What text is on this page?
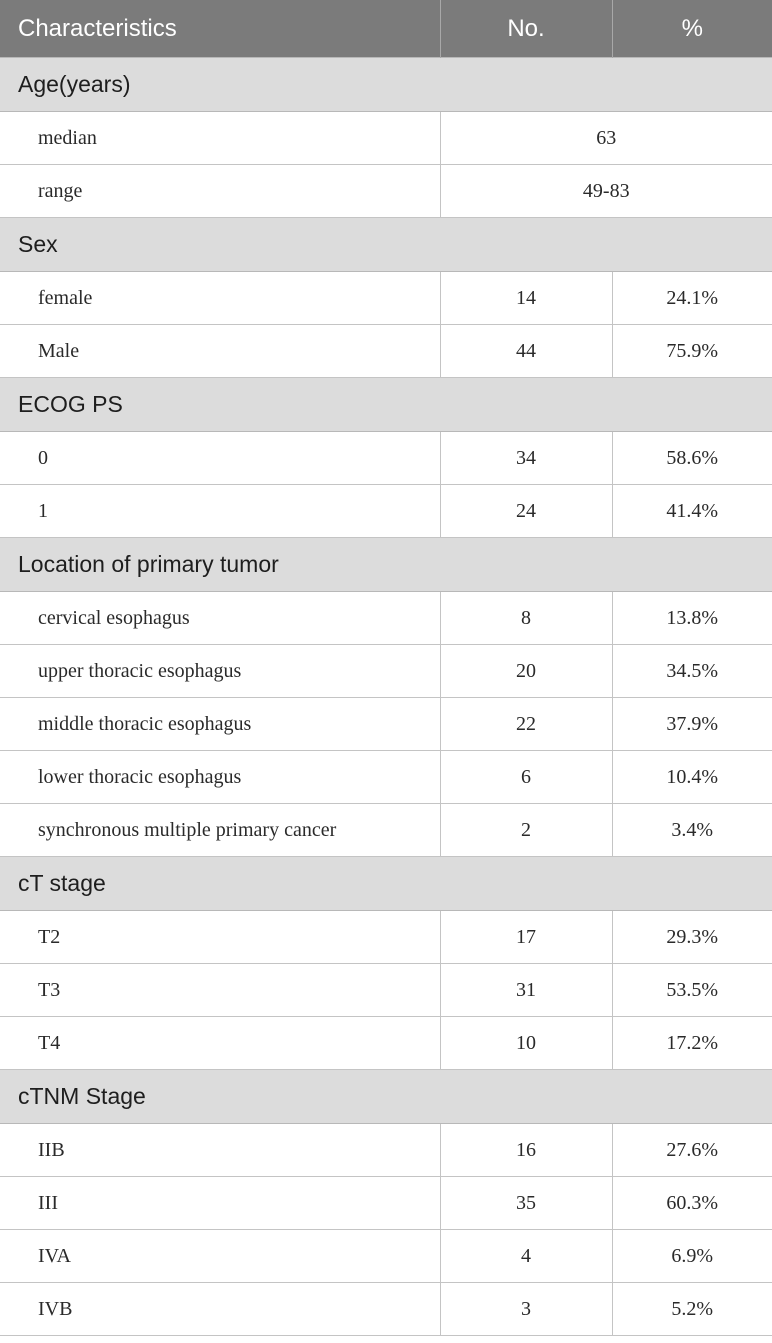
Characteristics	No.	%
Age(years)		
median	63	
range	49-83	
Sex		
female	14	24.1%
Male	44	75.9%
ECOG PS		
0	34	58.6%
1	24	41.4%
Location of primary tumor		
cervical esophagus	8	13.8%
upper thoracic esophagus	20	34.5%
middle thoracic esophagus	22	37.9%
lower thoracic esophagus	6	10.4%
synchronous multiple primary cancer	2	3.4%
cT stage		
T2	17	29.3%
T3	31	53.5%
T4	10	17.2%
cTNM Stage		
IIB	16	27.6%
III	35	60.3%
IVA	4	6.9%
IVB	3	5.2%
